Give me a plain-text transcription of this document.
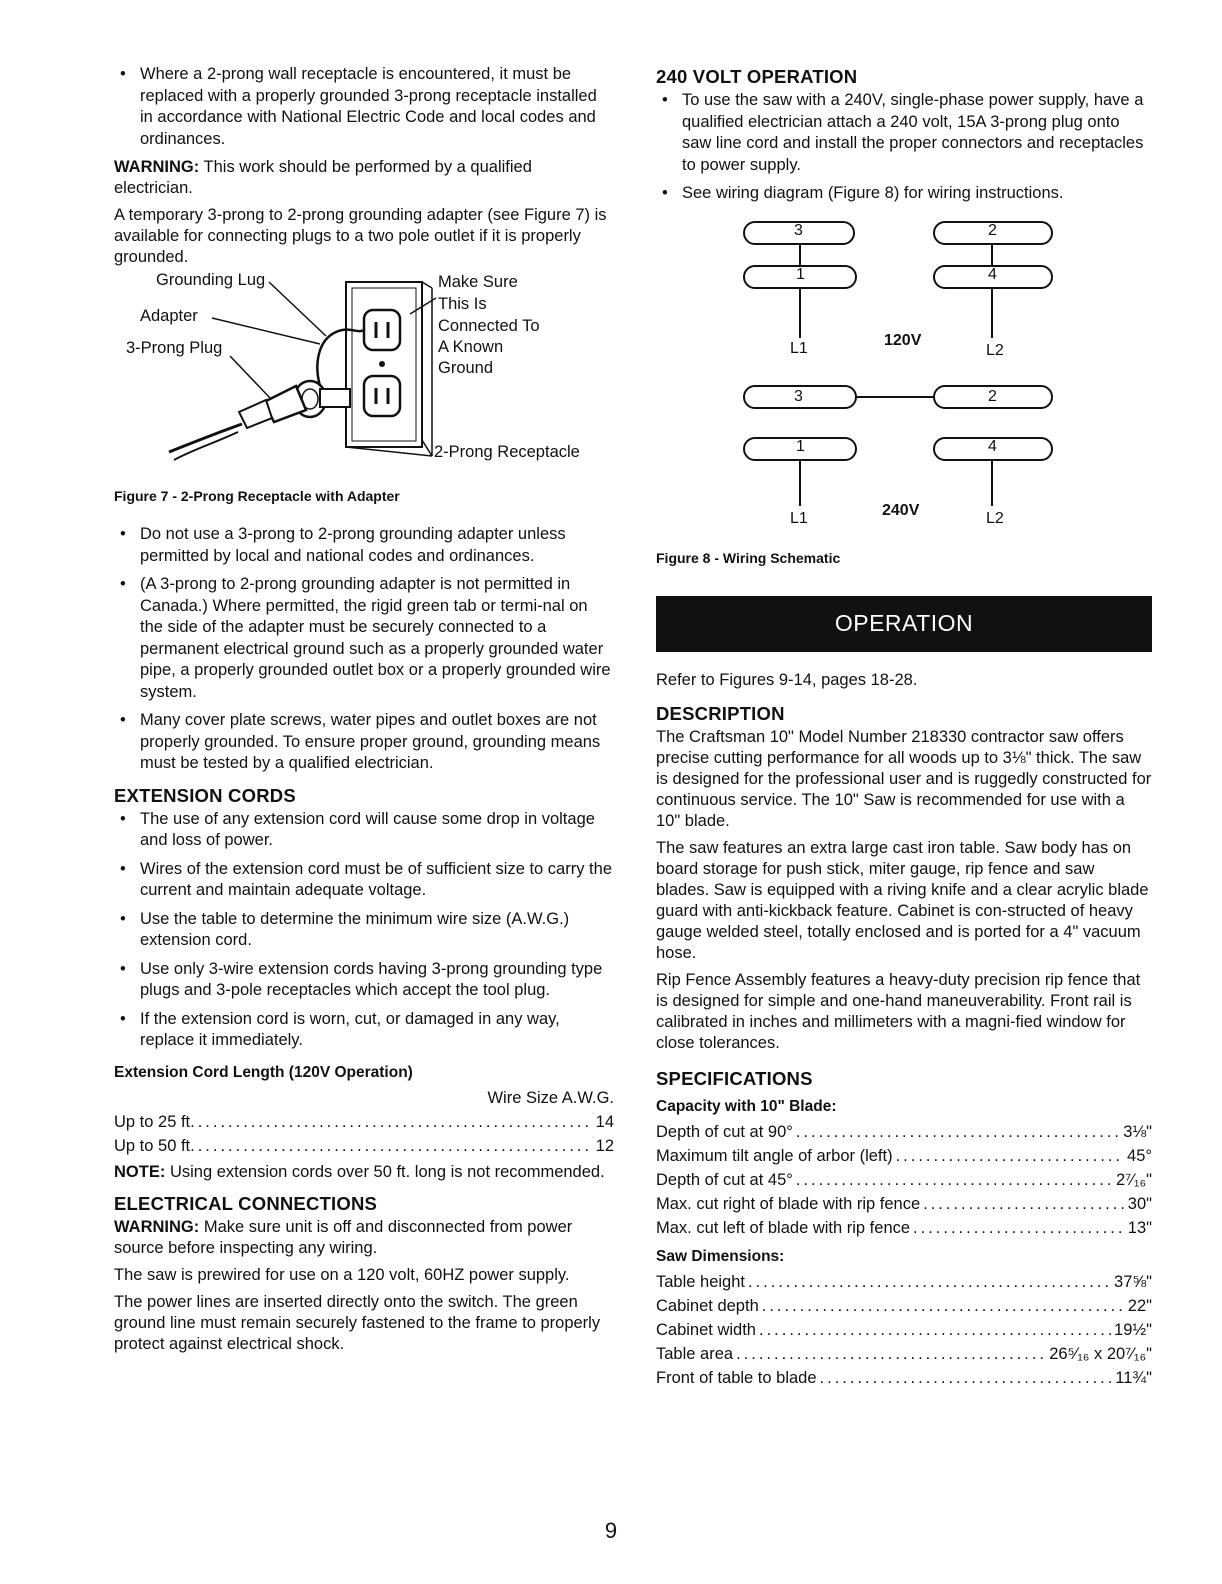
• Where a 2-prong wall receptacle is encountered, it must be replaced with a properly grounded 3-prong receptacle installed in accordance with National Electric Code and local codes and ordinances.

WARNING: This work should be performed by a qualified electrician.

A temporary 3-prong to 2-prong grounding adapter (see Figure 7) is available for connecting plugs to a two pole outlet if it is properly grounded.

Grounding Lug
Adapter
3-Prong Plug
Make Sure
This Is
Connected To
A Known
Ground
2-Prong Receptacle
Figure 7 - 2-Prong Receptacle with Adapter
• Do not use a 3-prong to 2-prong grounding adapter unless permitted by local and national codes and ordinances.
• (A 3-prong to 2-prong grounding adapter is not permitted in Canada.) Where permitted, the rigid green tab or termi-nal on the side of the adapter must be securely connected to a permanent electrical ground such as a properly grounded water pipe, a properly grounded outlet box or a properly grounded wire system.
• Many cover plate screws, water pipes and outlet boxes are not properly grounded. To ensure proper ground, grounding means must be tested by a qualified electrician.
EXTENSION CORDS
• The use of any extension cord will cause some drop in voltage and loss of power.
• Wires of the extension cord must be of sufficient size to carry the current and maintain adequate voltage.
• Use the table to determine the minimum wire size (A.W.G.) extension cord.
• Use only 3-wire extension cords having 3-prong grounding type plugs and 3-pole receptacles which accept the tool plug.
• If the extension cord is worn, cut, or damaged in any way, replace it immediately.
Extension Cord Length (120V Operation)
Wire Size A.W.G.
Up to 25 ft. .....	14
Up to 50 ft. .....	12

NOTE: Using extension cords over 50 ft. long is not recommended.

ELECTRICAL CONNECTIONS

WARNING: Make sure unit is off and disconnected from power source before inspecting any wiring.

The saw is prewired for use on a 120 volt, 60HZ power supply.

The power lines are inserted directly onto the switch. The green ground line must remain securely fastened to the frame to properly protect against electrical shock.

240 VOLT OPERATION
• To use the saw with a 240V, single-phase power supply, have a qualified electrician attach a 240 volt, 15A 3-prong plug onto saw line cord and install the proper connectors and receptacles to power supply.
• See wiring diagram (Figure 8) for wiring instructions.
3	2
1	4
L1	120V
L2
3	2
1	4
L1	240V	L2
Figure 8 - Wiring Schematic
OPERATION

Refer to Figures 9-14, pages 18-28.

DESCRIPTION

The Craftsman 10" Model Number 218330 contractor saw offers precise cutting performance for all woods up to 3⅛" thick. The saw is designed for the professional user and is ruggedly constructed for continuous service. The 10" Saw is recommended for use with a 10" blade.

The saw features an extra large cast iron table. Saw body has on board storage for push stick, miter gauge, rip fence and saw blades. Saw is equipped with a riving knife and a clear acrylic blade guard with anti-kickback feature. Cabinet is con-structed of heavy gauge welded steel, totally enclosed and is ported for a 4" vacuum hose.

Rip Fence Assembly features a heavy-duty precision rip fence that is designed for simple and one-hand maneuverability. Front rail is calibrated in inches and millimeters with a magni-fied window for close tolerances.

SPECIFICATIONS
Capacity with 10" Blade:
Depth of cut at 90° .....	3⅛"
Maximum tilt angle of arbor (left) .....	45°
Depth of cut at 45° .....	2⁷⁄₁₆"
Max. cut right of blade with rip fence .....	30"
Max. cut left of blade with rip fence .....	13"
Saw Dimensions:
Table height .....	37⅝"
Cabinet depth .....	22"
Cabinet width .....	19½"
Table area .....	26⁵⁄₁₆ x 20⁷⁄₁₆"
Front of table to blade .....	11¾"
9
